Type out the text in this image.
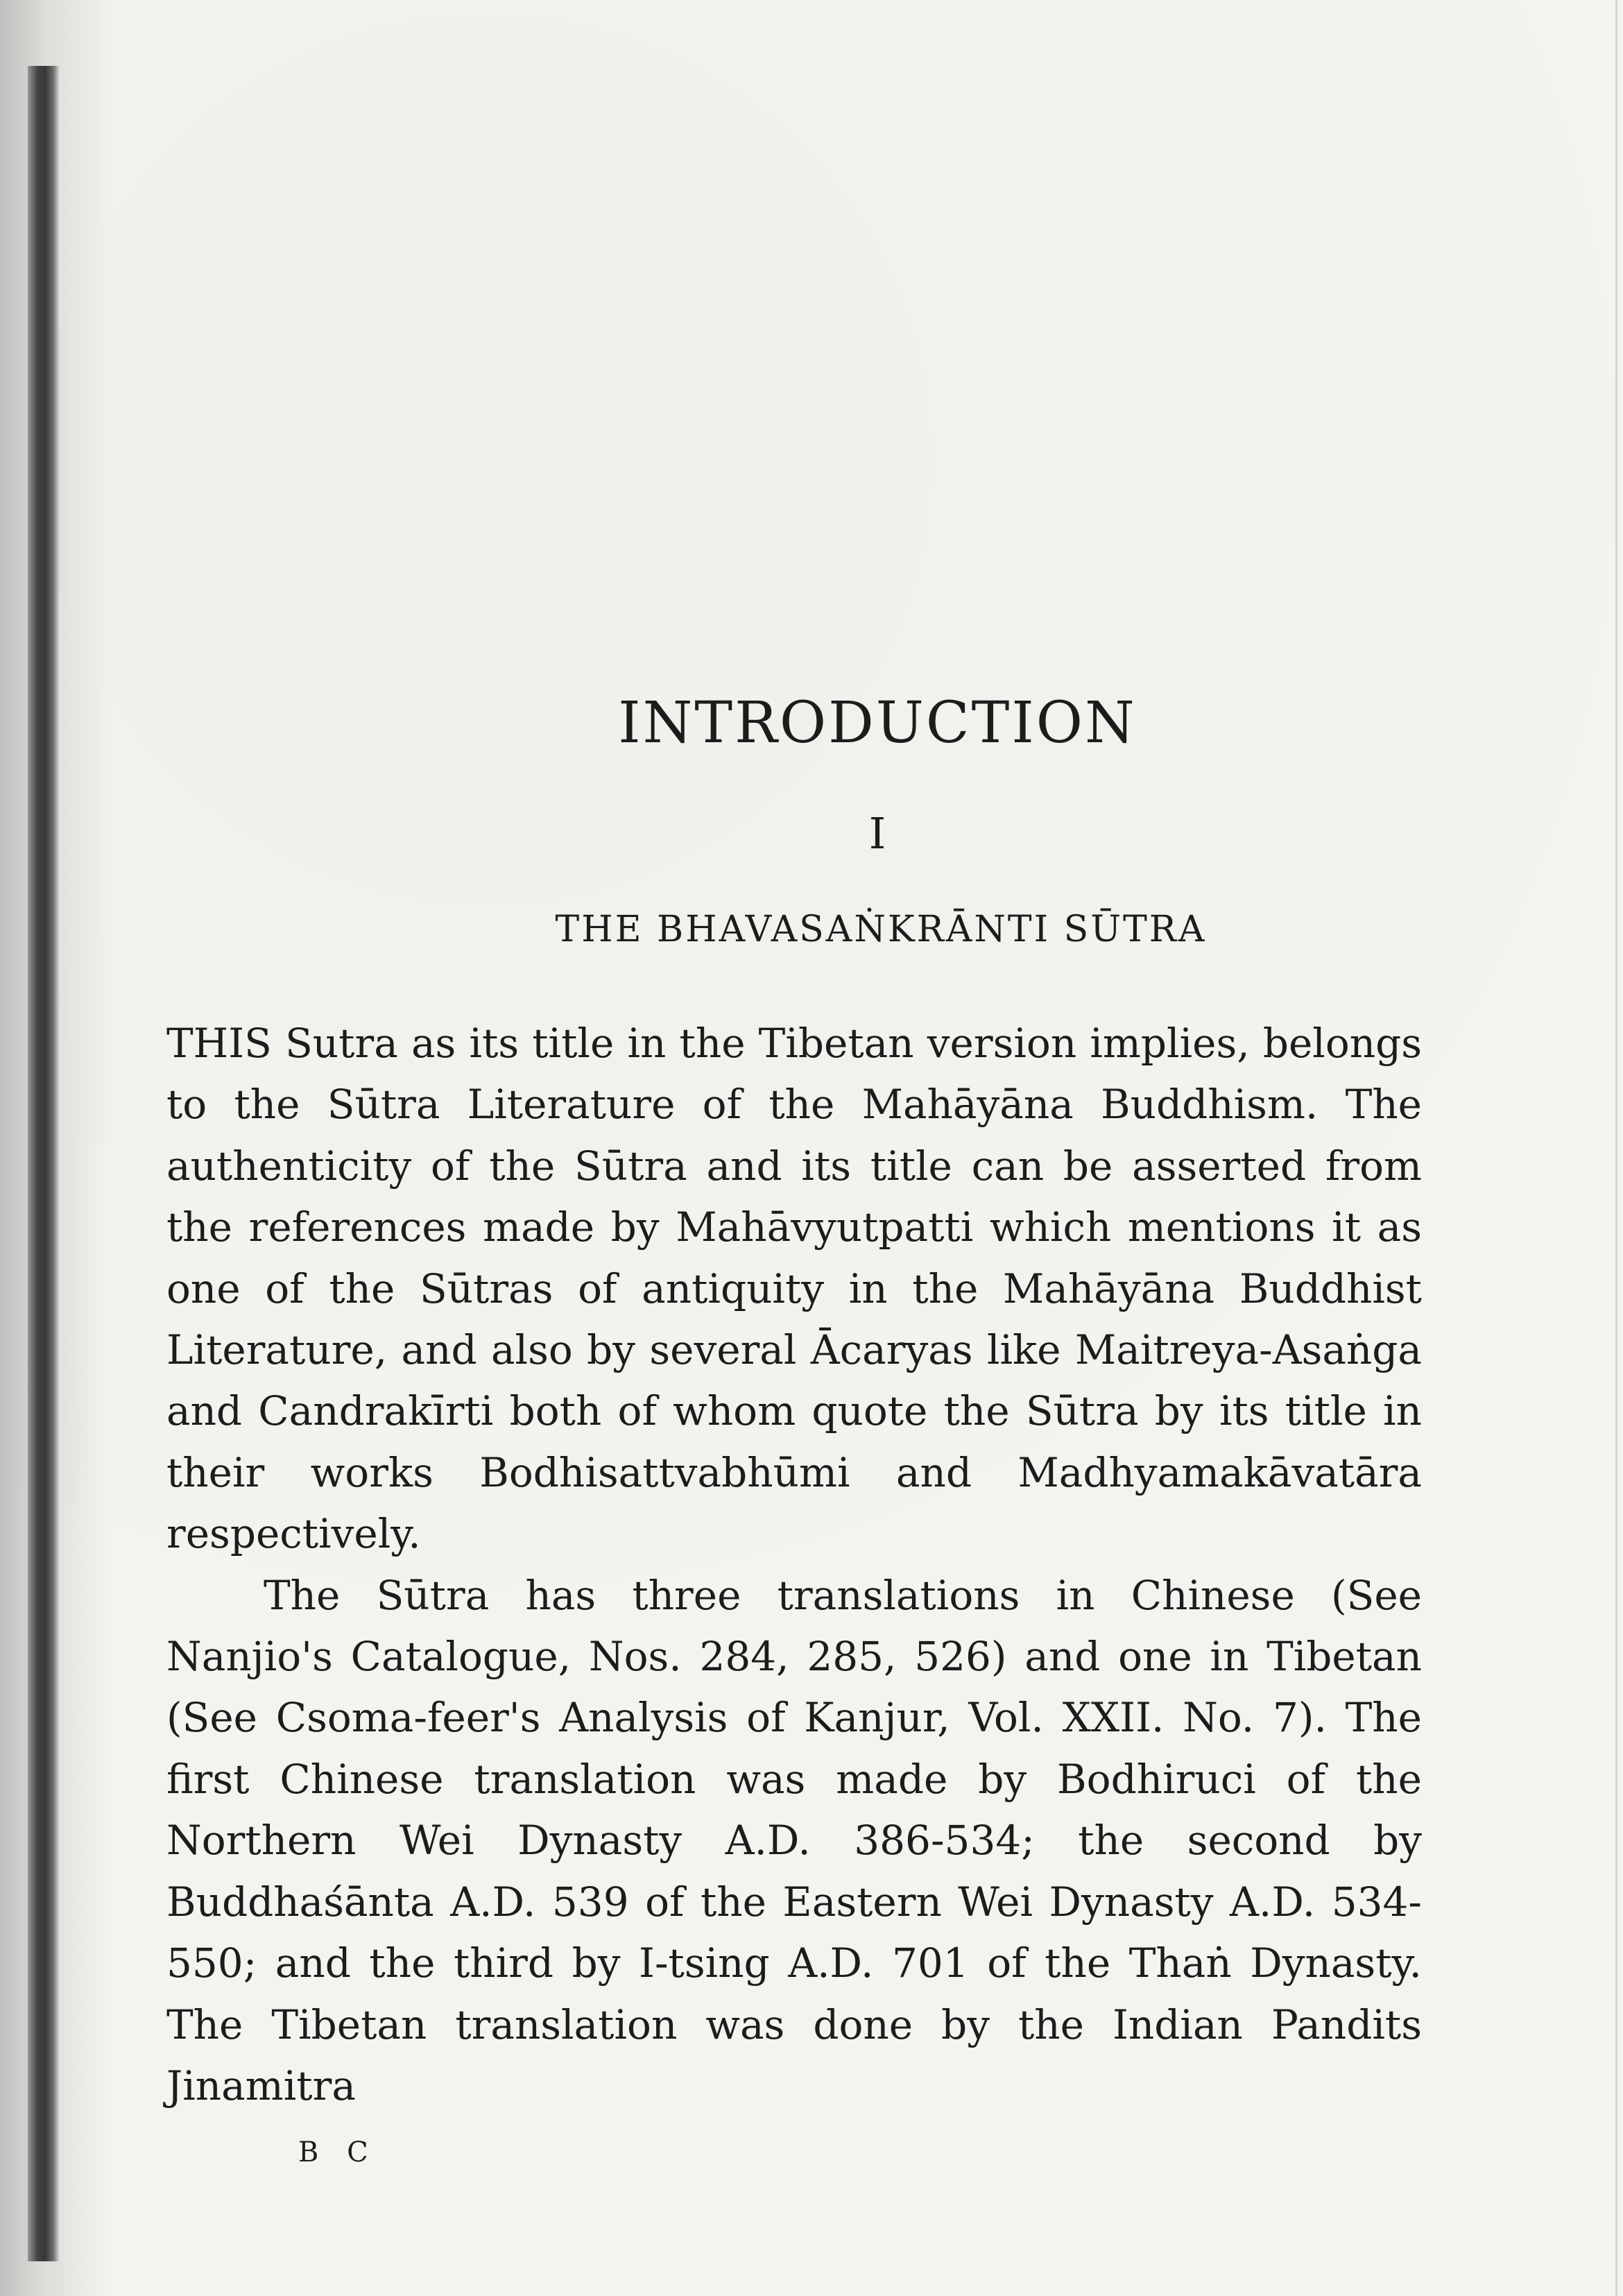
INTRODUCTION
I
THE BHAVASAṄKRĀNTI SŪTRA

THIS Sutra as its title in the Tibetan version implies, belongs to the Sūtra Literature of the Mahāyāna Buddhism. The authenticity of the Sūtra and its title can be asserted from the references made by Mahāvyutpatti which mentions it as one of the Sūtras of antiquity in the Mahāyāna Buddhist Literature, and also by several Ācaryas like Maitreya-Asaṅga and Candrakīrti both of whom quote the Sūtra by its title in their works Bodhisattvabhūmi and Madhyamakāvatāra respectively.

The Sūtra has three translations in Chinese (See Nanjio's Catalogue, Nos. 284, 285, 526) and one in Tibetan (See Csoma-feer's Analysis of Kanjur, Vol. XXII. No. 7). The first Chinese translation was made by Bodhiruci of the Northern Wei Dynasty A.D. 386-534; the second by Buddhaśānta A.D. 539 of the Eastern Wei Dynasty A.D. 534-550; and the third by I-tsing A.D. 701 of the Thaṅ Dynasty. The Tibetan translation was done by the Indian Pandits Jinamitra

B C
